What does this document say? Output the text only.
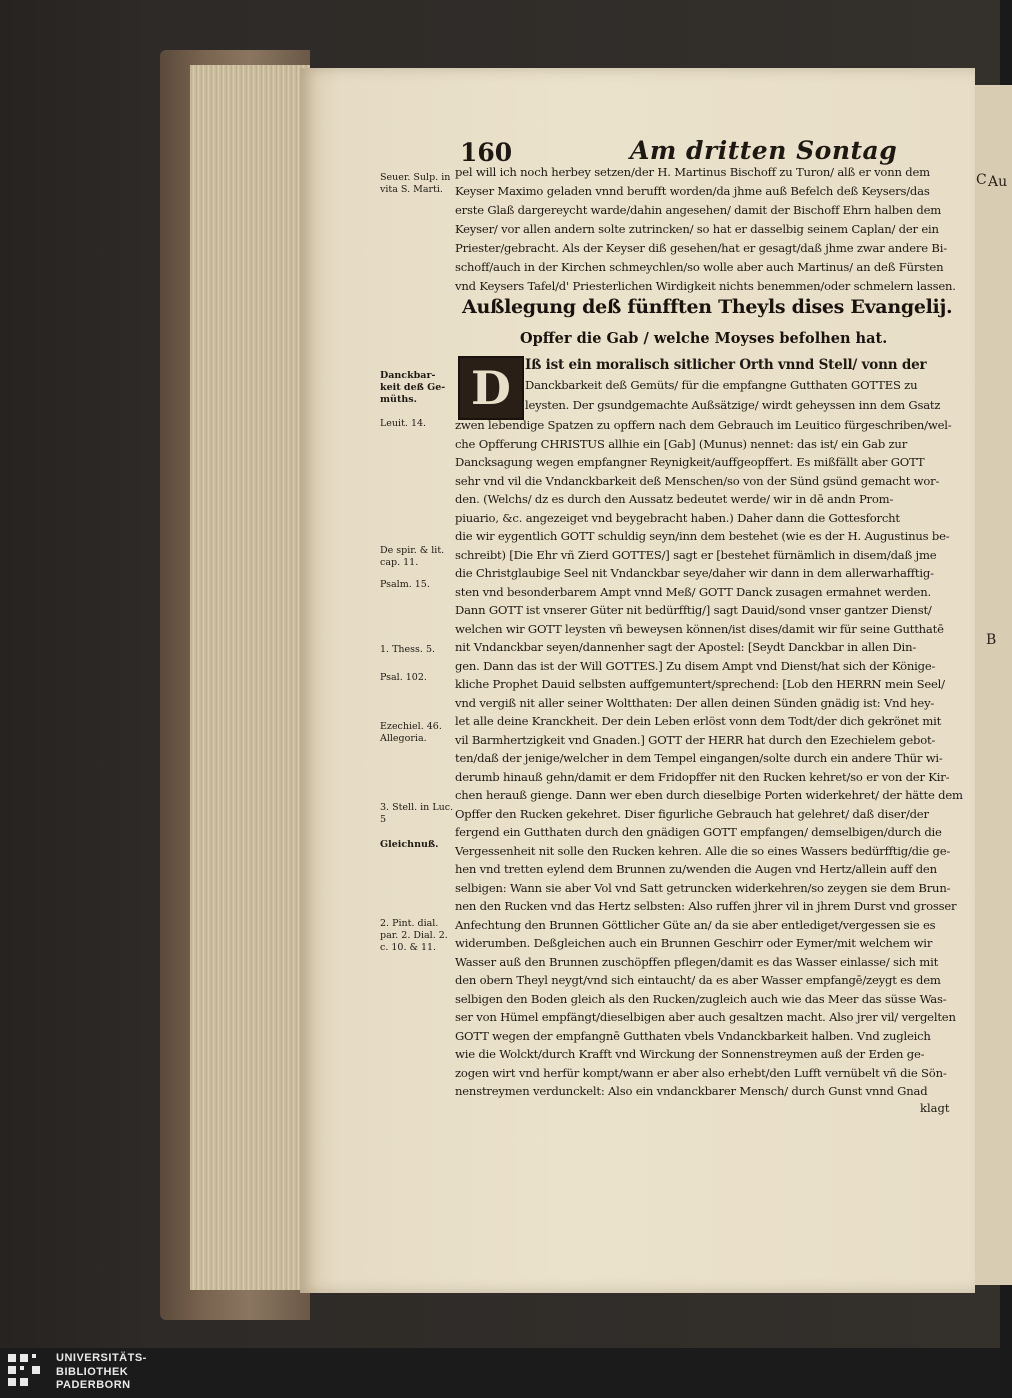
C Au
B
160	Am dritten Sontag
Seuer. Sulp. in vita S. Marti.
Danckbar- keit deß Ge- müths.
Leuit. 14.
De spir. & lit. cap. 11.
Psalm. 15.
1. Thess. 5.
Psal. 102.
Ezechiel. 46. Allegoria.
3. Stell. in Luc. 5
Gleichnuß.
2. Pint. dial. par. 2. Dial. 2. c. 10. & 11.
Außlegung deß fünfften Theyls dises Evangelij.
Opffer die Gab / welche Moyses befolhen hat.
D
pel will ich noch herbey setzen/der H. Martinus Bischoff zu Turon/ alß er vonn dem
Keyser Maximo geladen vnnd berufft worden/da jhme auß Befelch deß Keysers/das
erste Glaß dargereycht warde/dahin angesehen/ damit der Bischoff Ehrn halben dem
Keyser/ vor allen andern solte zutrincken/ so hat er dasselbig seinem Caplan/ der ein
Priester/gebracht. Als der Keyser diß gesehen/hat er gesagt/daß jhme zwar andere Bi-
schoff/auch in der Kirchen schmeychlen/so wolle aber auch Martinus/ an deß Fürsten
vnd Keysers Tafel/d' Priesterlichen Wirdigkeit nichts benemmen/oder schmelern lassen.
Iß ist ein moralisch sitlicher Orth vnnd Stell/ vonn der
Danckbarkeit deß Gemüts/ für die empfangne Gutthaten GOTTES zu
leysten. Der gsundgemachte Außsätzige/ wirdt geheyssen inn dem Gsatz
zwen lebendige Spatzen zu opffern nach dem Gebrauch im Leuitico fürgeschriben/wel-
che Opfferung CHRISTUS allhie ein [Gab] (Munus) nennet: das ist/ ein Gab zur
Dancksagung wegen empfangner Reynigkeit/auffgeopffert. Es mißfällt aber GOTT
sehr vnd vil die Vndanckbarkeit deß Menschen/so von der Sünd gsünd gemacht wor-
den. (Welchs/ dz es durch den Aussatz bedeutet werde/ wir in dē andn Prom-
piuario, &c. angezeiget vnd beygebracht haben.) Daher dann die Gottesforcht
die wir eygentlich GOTT schuldig seyn/inn dem bestehet (wie es der H. Augustinus be-
schreibt) [Die Ehr vñ Zierd GOTTES/] sagt er [bestehet fürnämlich in disem/daß jme
die Christglaubige Seel nit Vndanckbar seye/daher wir dann in dem allerwarhafftig-
sten vnd besonderbarem Ampt vnnd Meß/ GOTT Danck zusagen ermahnet werden.
Dann GOTT ist vnserer Güter nit bedürfftig/] sagt Dauid/sond vnser gantzer Dienst/
welchen wir GOTT leysten vñ beweysen können/ist dises/damit wir für seine Gutthatē
nit Vndanckbar seyen/dannenher sagt der Apostel: [Seydt Danckbar in allen Din-
gen. Dann das ist der Will GOTTES.] Zu disem Ampt vnd Dienst/hat sich der Könige-
kliche Prophet Dauid selbsten auffgemuntert/sprechend: [Lob den HERRN mein Seel/
vnd vergiß nit aller seiner Woltthaten: Der allen deinen Sünden gnädig ist: Vnd hey-
let alle deine Kranckheit. Der dein Leben erlöst vonn dem Todt/der dich gekrönet mit
vil Barmhertzigkeit vnd Gnaden.] GOTT der HERR hat durch den Ezechielem gebot-
ten/daß der jenige/welcher in dem Tempel eingangen/solte durch ein andere Thür wi-
derumb hinauß gehn/damit er dem Fridopffer nit den Rucken kehret/so er von der Kir-
chen herauß gienge. Dann wer eben durch dieselbige Porten widerkehret/ der hätte dem
Opffer den Rucken gekehret. Diser figurliche Gebrauch hat gelehret/ daß diser/der
fergend ein Gutthaten durch den gnädigen GOTT empfangen/ demselbigen/durch die
Vergessenheit nit solle den Rucken kehren. Alle die so eines Wassers bedürfftig/die ge-
hen vnd tretten eylend dem Brunnen zu/wenden die Augen vnd Hertz/allein auff den
selbigen: Wann sie aber Vol vnd Satt getruncken widerkehren/so zeygen sie dem Brun-
nen den Rucken vnd das Hertz selbsten: Also ruffen jhrer vil in jhrem Durst vnd grosser
Anfechtung den Brunnen Göttlicher Güte an/ da sie aber entlediget/vergessen sie es
widerumben. Deßgleichen auch ein Brunnen Geschirr oder Eymer/mit welchem wir
Wasser auß den Brunnen zuschöpffen pflegen/damit es das Wasser einlasse/ sich mit
den obern Theyl neygt/vnd sich eintaucht/ da es aber Wasser empfangē/zeygt es dem
selbigen den Boden gleich als den Rucken/zugleich auch wie das Meer das süsse Was-
ser von Hümel empfängt/dieselbigen aber auch gesaltzen macht. Also jrer vil/ vergelten
GOTT wegen der empfangnē Gutthaten vbels Vndanckbarkeit halben. Vnd zugleich
wie die Wolckt/durch Krafft vnd Wirckung der Sonnenstreymen auß der Erden ge-
zogen wirt vnd herfür kompt/wann er aber also erhebt/den Lufft vernübelt vñ die Sön-
nenstreymen verdunckelt: Also ein vndanckbarer Mensch/ durch Gunst vnnd Gnad
klagt
UNIVERSITÄTS-
BIBLIOTHEK
PADERBORN
